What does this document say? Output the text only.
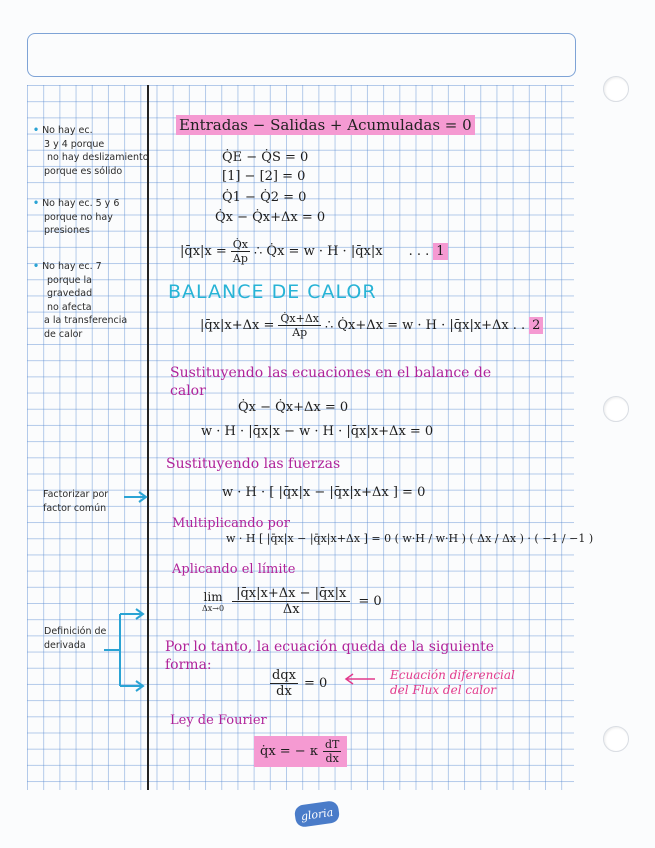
• No hay ec.
3 y 4 porque
no hay deslizamiento
porque es sólido
• No hay ec. 5 y 6
porque no hay
presiones
• No hay ec. 7
porque la
gravedad
no afecta
a la transferencia
de calor
Factorizar por
factor común
Definición de
derivada
Entradas − Salidas + Acumuladas = 0
Q̇E − Q̇S = 0
[1] − [2] = 0
Q̇1 − Q̇2 = 0
Q̇x − Q̇x+Δx = 0
|q̄x|x = $\frac{Q̇x}{Ap}$ ∴ Q̇x = w · H · |q̄x|x . . . 1
BALANCE DE CALOR
|q̄x|x+Δx = $\frac{Q̇x+\Delta x}{Ap}$ ∴ Q̇x+Δx = w · H · |q̄x|x+Δx . . 2
Sustituyendo las ecuaciones en el balance de
calor
Q̇x − Q̇x+Δx = 0
w · H · |q̄x|x − w · H · |q̄x|x+Δx = 0
Sustituyendo las fuerzas
w · H · [ |q̄x|x − |q̄x|x+Δx ] = 0
Multiplicando por
w · H [ |q̄x|x − |q̄x|x+Δx ] = 0 ( w·H / w·H ) ( Δx / Δx ) · ( −1 / −1 )
Aplicando el límite
lim
$\Delta x\to 0 \frac{|q̄x|x+\Delta x - |q̄x|x}{\Delta x} = 0$
Por lo tanto, la ecuación queda de la siguiente
forma:
dqx
dx
= 0
Ecuación diferencial
del Flux del calor
Ley de Fourier
q̇x = − κ $\frac{dT}{dx}$
gloria
